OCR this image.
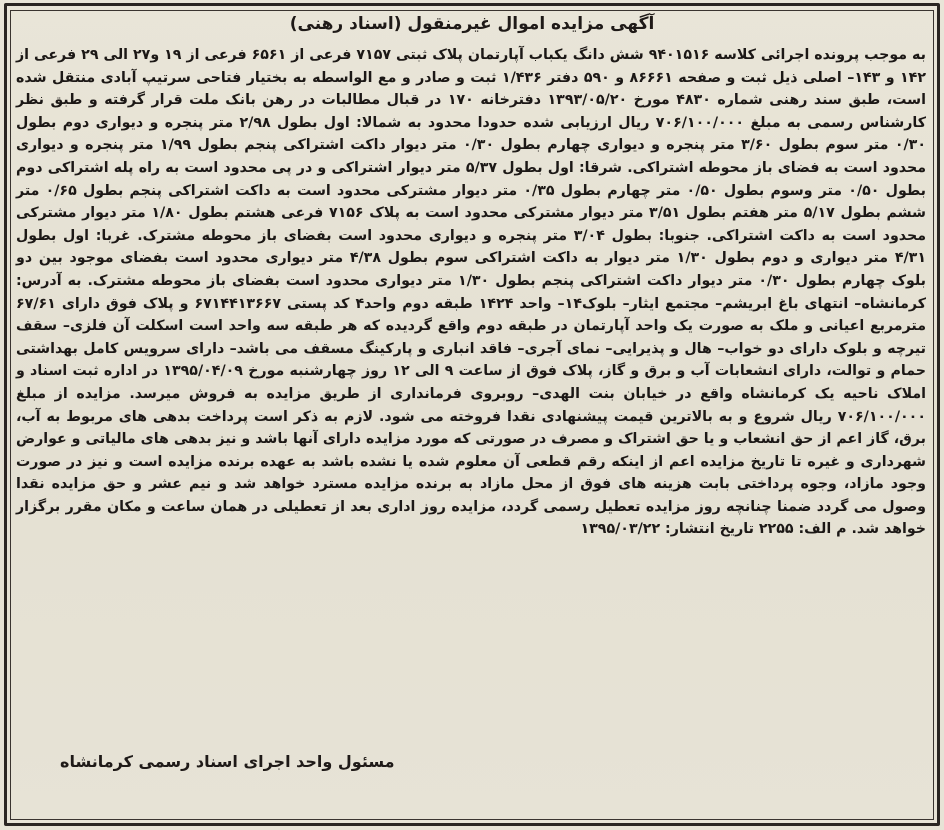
آگهی مزایده اموال غیرمنقول (اسناد رهنی)

به موجب پرونده اجرائی کلاسه ۹۴۰۱۵۱۶ شش دانگ یکباب آپارتمان پلاک ثبتی ۷۱۵۷ فرعی از ۶۵۶۱ فرعی از ۱۹ و۲۷ الی ۲۹ فرعی از ۱۴۲ و ۱۴۳– اصلی ذیل ثبت و صفحه ۸۶۶۶۱ و ۵۹۰ دفتر ۱/۴۳۶ ثبت و صادر و مع الواسطه به بختیار فتاحی سرتیپ آبادی منتقل شده است، طبق سند رهنی شماره ۴۸۳۰ مورخ ۱۳۹۳/۰۵/۲۰ دفترخانه ۱۷۰ در قبال مطالبات در رهن بانک ملت قرار گرفته و طبق نظر کارشناس رسمی به مبلغ ۷۰۶/۱۰۰/۰۰۰ ریال ارزیابی شده حدودا محدود به شمالا: اول بطول ۲/۹۸ متر پنجره و دیواری دوم بطول ۰/۳۰ متر سوم بطول ۳/۶۰ متر پنجره و دیواری چهارم بطول ۰/۳۰ متر دیوار داکت اشتراکی پنجم بطول ۱/۹۹ متر پنجره و دیواری محدود است به فضای باز محوطه اشتراکی. شرقا: اول بطول ۵/۳۷ متر دیوار اشتراکی و در پی محدود است به راه پله اشتراکی دوم بطول ۰/۵۰ متر وسوم بطول ۰/۵۰ متر چهارم بطول ۰/۳۵ متر دیوار مشترکی محدود است به داکت اشتراکی پنجم بطول ۰/۶۵ متر ششم بطول ۵/۱۷ متر هفتم بطول ۳/۵۱ متر دیوار مشترکی محدود است به پلاک ۷۱۵۶ فرعی هشتم بطول ۱/۸۰ متر دیوار مشترکی محدود است به داکت اشتراکی. جنوبا: بطول ۳/۰۴ متر پنجره و دیواری محدود است بفضای باز محوطه مشترک. غربا: اول بطول ۴/۳۱ متر دیواری و دوم بطول ۱/۳۰ متر دیوار به داکت اشتراکی سوم بطول ۴/۳۸ متر دیواری محدود است بفضای موجود بین دو بلوک چهارم بطول ۰/۳۰ متر دیوار داکت اشتراکی پنجم بطول ۱/۳۰ متر دیواری محدود است بفضای باز محوطه مشترک. به آدرس: کرمانشاه– انتهای باغ ابریشم– مجتمع ایثار– بلوک۱۴– واحد ۱۴۲۴ طبقه دوم واحد۴ کد پستی ۶۷۱۴۴۱۳۶۶۷ و پلاک فوق دارای ۶۷/۶۱ مترمربع اعیانی و ملک به صورت یک واحد آپارتمان در طبقه دوم واقع گردیده که هر طبقه سه واحد است اسکلت آن فلزی– سقف تیرچه و بلوک دارای دو خواب– هال و پذیرایی– نمای آجری– فاقد انباری و پارکینگ مسقف می باشد– دارای سرویس کامل بهداشتی حمام و توالت، دارای انشعابات آب و برق و گاز، پلاک فوق از ساعت ۹ الی ۱۲ روز چهارشنبه مورخ ۱۳۹۵/۰۴/۰۹ در اداره ثبت اسناد و املاک ناحیه یک کرمانشاه واقع در خیابان بنت الهدی– روبروی فرمانداری از طریق مزایده به فروش میرسد. مزایده از مبلغ ۷۰۶/۱۰۰/۰۰۰ ریال شروع و به بالاترین قیمت پیشنهادی نقدا فروخته می شود. لازم به ذکر است پرداخت بدهی های مربوط به آب، برق، گاز اعم از حق انشعاب و یا حق اشتراک و مصرف در صورتی که مورد مزایده دارای آنها باشد و نیز بدهی های مالیاتی و عوارض شهرداری و غیره تا تاریخ مزایده اعم از اینکه رقم قطعی آن معلوم شده یا نشده باشد به عهده برنده مزایده است و نیز در صورت وجود مازاد، وجوه پرداختی بابت هزینه های فوق از محل مازاد به برنده مزایده مسترد خواهد شد و نیم عشر و حق مزایده نقدا وصول می گردد ضمنا چنانچه روز مزایده تعطیل رسمی گردد، مزایده روز اداری بعد از تعطیلی در همان ساعت و مکان مقرر برگزار خواهد شد. م الف: ۲۲۵۵ تاریخ انتشار: ۱۳۹۵/۰۳/۲۲

مسئول واحد اجرای اسناد رسمی کرمانشاه
